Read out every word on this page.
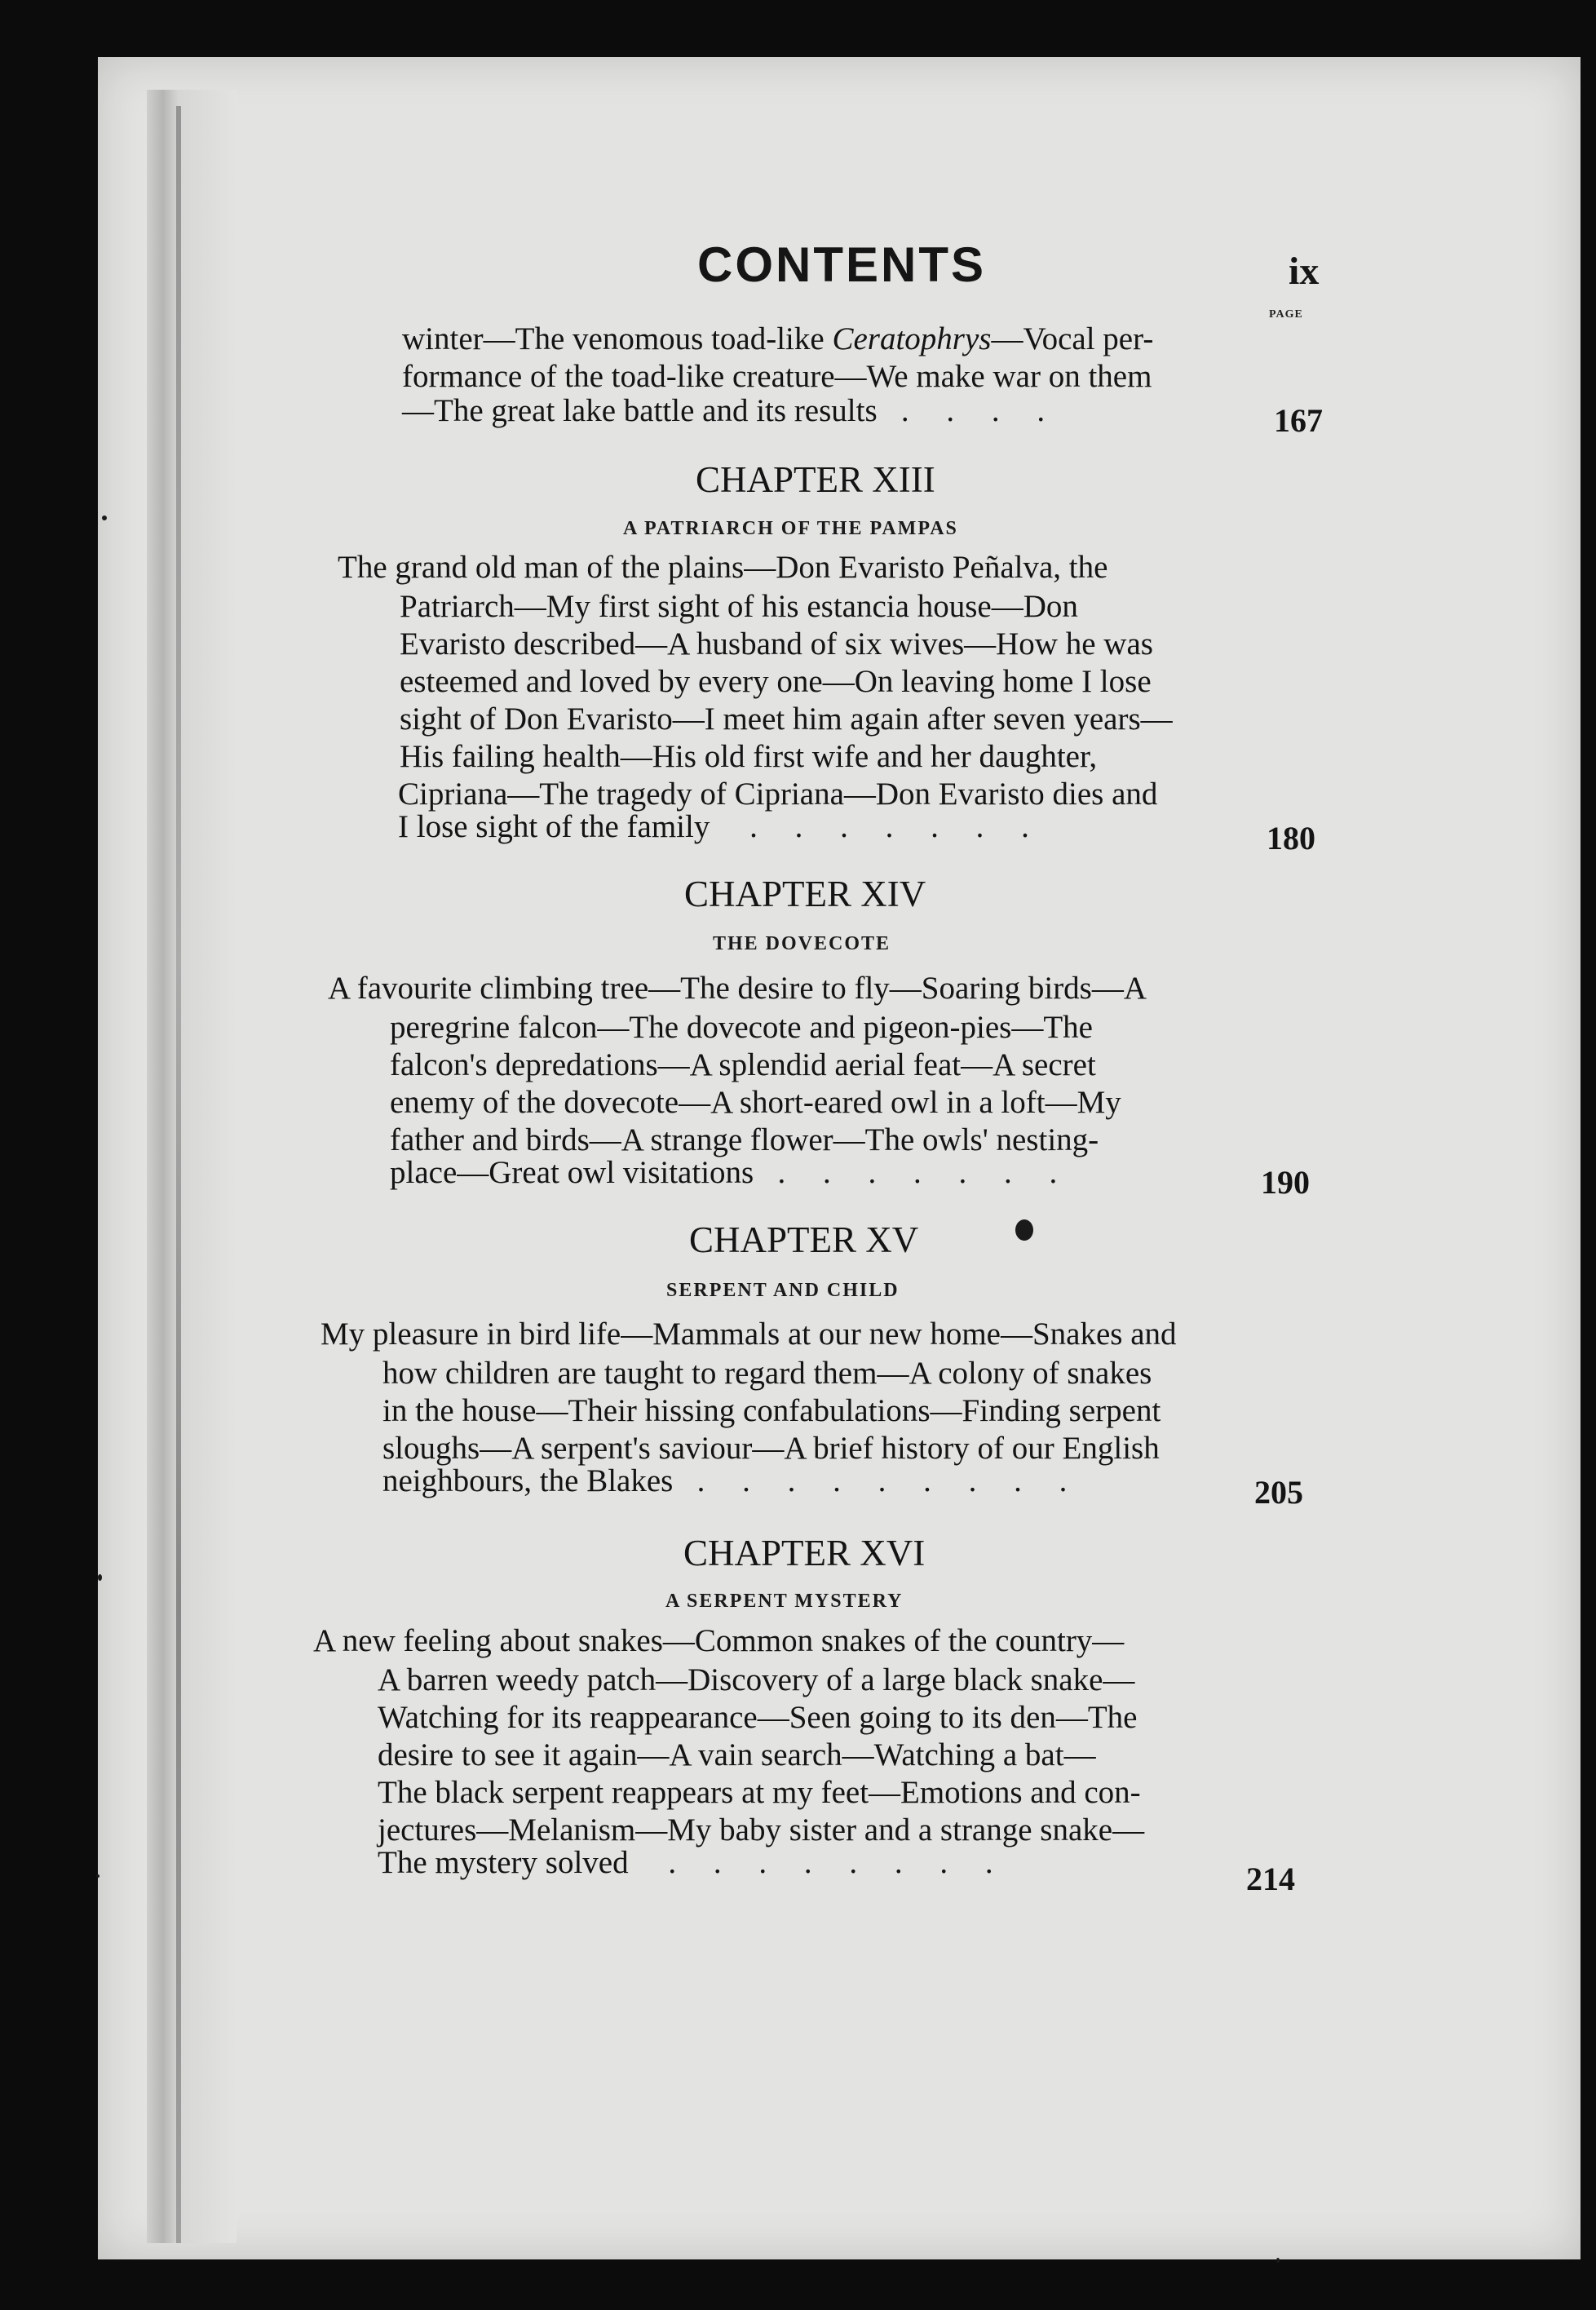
CONTENTS	ix
PAGE
winter—The venomous toad-like Ceratophrys—Vocal per-
formance of the toad-like creature—We make war on them
—The great lake battle and its results . . . .	167
CHAPTER XIII
A PATRIARCH OF THE PAMPAS
The grand old man of the plains—Don Evaristo Peñalva, the
Patriarch—My first sight of his estancia house—Don
Evaristo described—A husband of six wives—How he was
esteemed and loved by every one—On leaving home I lose
sight of Don Evaristo—I meet him again after seven years—
His failing health—His old first wife and her daughter,
Cipriana—The tragedy of Cipriana—Don Evaristo dies and
I lose sight of the family . . . . . . .	180
CHAPTER XIV
THE DOVECOTE
A favourite climbing tree—The desire to fly—Soaring birds—A
peregrine falcon—The dovecote and pigeon-pies—The
falcon's depredations—A splendid aerial feat—A secret
enemy of the dovecote—A short-eared owl in a loft—My
father and birds—A strange flower—The owls' nesting-
place—Great owl visitations . . . . . . .	190
CHAPTER XV
SERPENT AND CHILD
My pleasure in bird life—Mammals at our new home—Snakes and
how children are taught to regard them—A colony of snakes
in the house—Their hissing confabulations—Finding serpent
sloughs—A serpent's saviour—A brief history of our English
neighbours, the Blakes . . . . . . . . .	205
CHAPTER XVI
A SERPENT MYSTERY
A new feeling about snakes—Common snakes of the country—
A barren weedy patch—Discovery of a large black snake—
Watching for its reappearance—Seen going to its den—The
desire to see it again—A vain search—Watching a bat—
The black serpent reappears at my feet—Emotions and con-
jectures—Melanism—My baby sister and a strange snake—
The mystery solved . . . . . . . .	214
